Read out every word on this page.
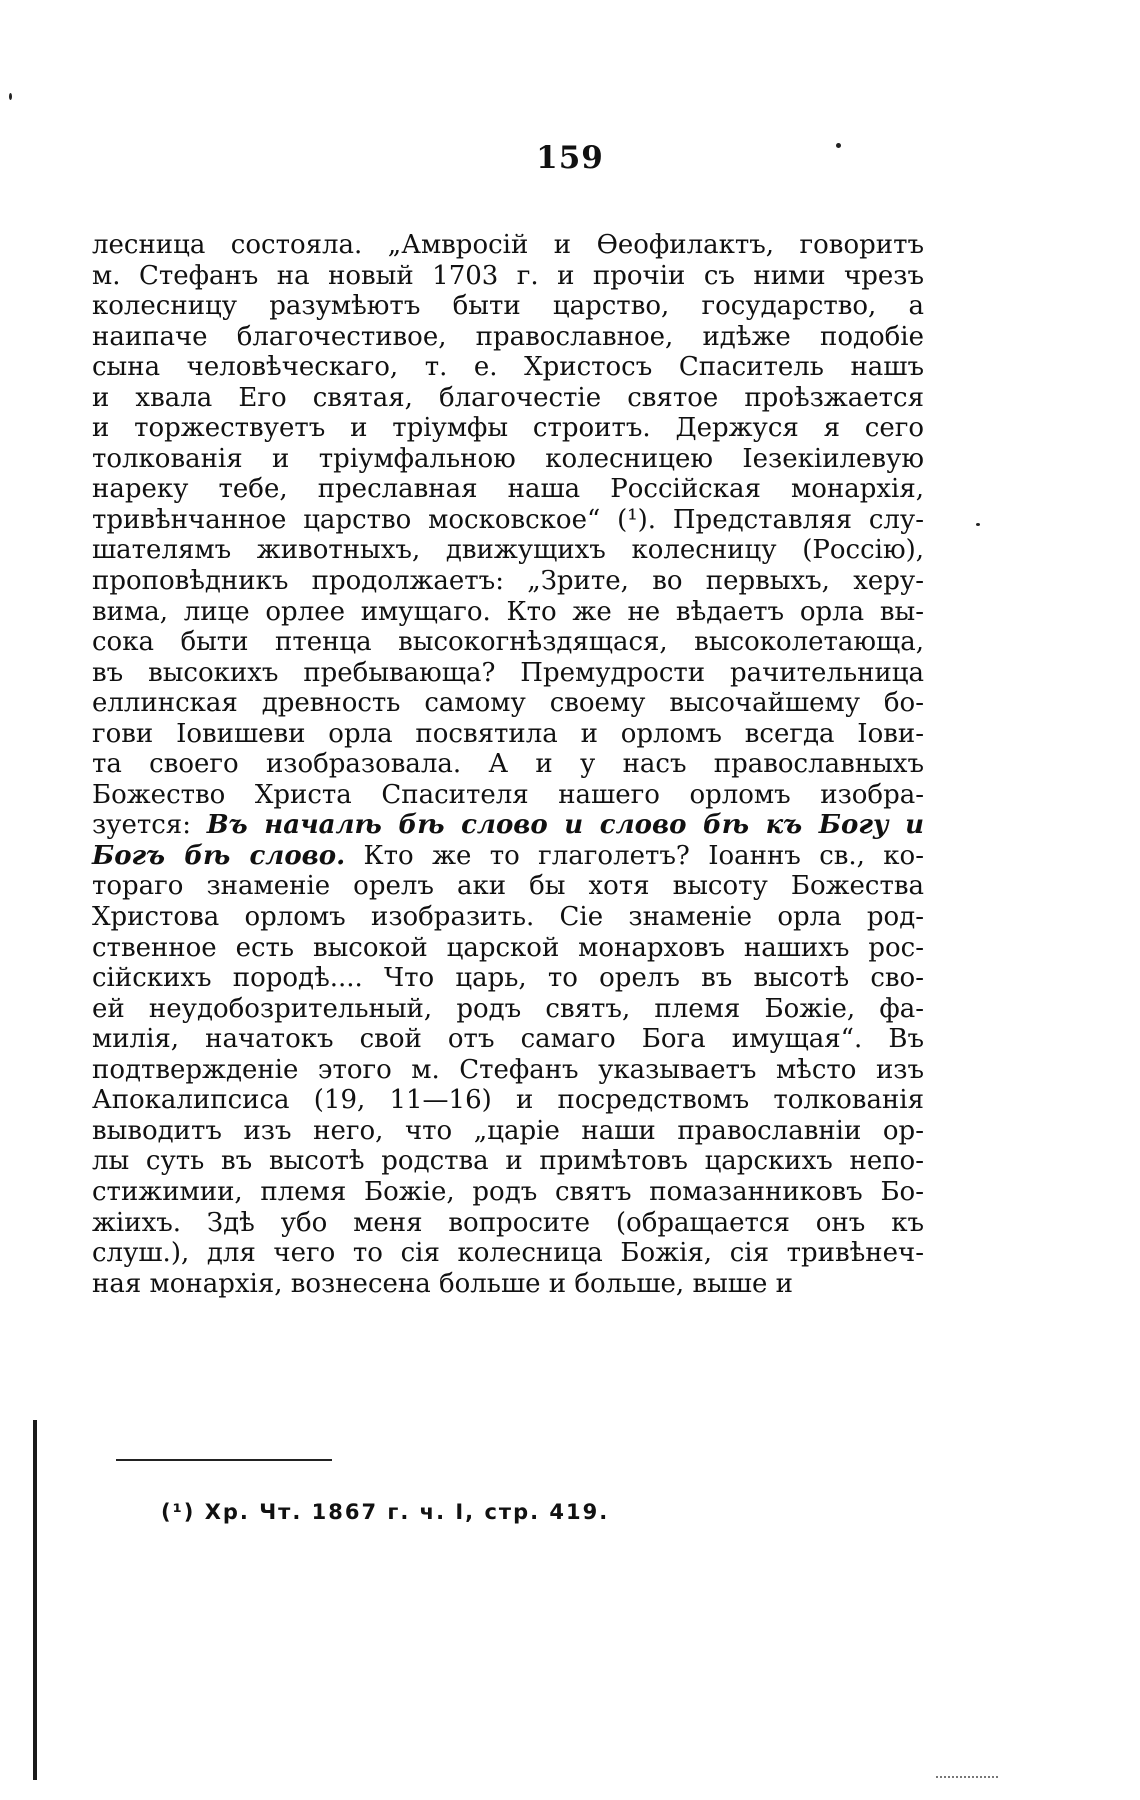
159
лесница состояла. „Амвросій и Ѳеофилактъ, говоритъ
м. Стефанъ на новый 1703 г. и прочіи съ ними чрезъ
колесницу разумѣютъ быти царство, государство, а
наипаче благочестивое, православное, идѣже подобіе
сына человѣческаго, т. е. Христосъ Спаситель нашъ
и хвала Его святая, благочестіе святое проѣзжается
и торжествуетъ и тріумфы строитъ. Держуся я сего
толкованія и тріумфальною колесницею Іезекіилевую
нареку тебе, преславная наша Россійская монархія,
тривѣнчанное царство московское“ (¹). Представляя слу-
шателямъ животныхъ, движущихъ колесницу (Россію),
проповѣдникъ продолжаетъ: „Зрите, во первыхъ, херу-
вима, лице орлее имущаго. Кто же не вѣдаетъ орла вы-
сока быти птенца высокогнѣздящася, высоколетающа,
въ высокихъ пребывающа? Премудрости рачительница
еллинская древность самому своему высочайшему бо-
гови Іовишеви орла посвятила и орломъ всегда Іови-
та своего изобразовала. А и у насъ православныхъ
Божество Христа Спасителя нашего орломъ изобра-
зуется: Въ началѣ бѣ слово и слово бѣ къ Богу и
Богъ бѣ слово. Кто же то глаголетъ? Іоаннъ св., ко-
тораго знаменіе орелъ аки бы хотя высоту Божества
Христова орломъ изобразить. Сіе знаменіе орла род-
ственное есть высокой царской монарховъ нашихъ рос-
сійскихъ породѣ.... Что царь, то орелъ въ высотѣ сво-
ей неудобозрительный, родъ святъ, племя Божіе, фа-
милія, начатокъ свой отъ самаго Бога имущая“. Въ
подтвержденіе этого м. Стефанъ указываетъ мѣсто изъ
Апокалипсиса (19, 11—16) и посредствомъ толкованія
выводитъ изъ него, что „царіе наши православніи ор-
лы суть въ высотѣ родства и примѣтовъ царскихъ непо-
стижимии, племя Божіе, родъ святъ помазанниковъ Бо-
жіихъ. Здѣ убо меня вопросите (обращается онъ къ
слуш.), для чего то сія колесница Божія, сія тривѣнеч-
ная монархія, вознесена больше и больше, выше и
(¹) Хр. Чт. 1867 г. ч. I, стр. 419.
